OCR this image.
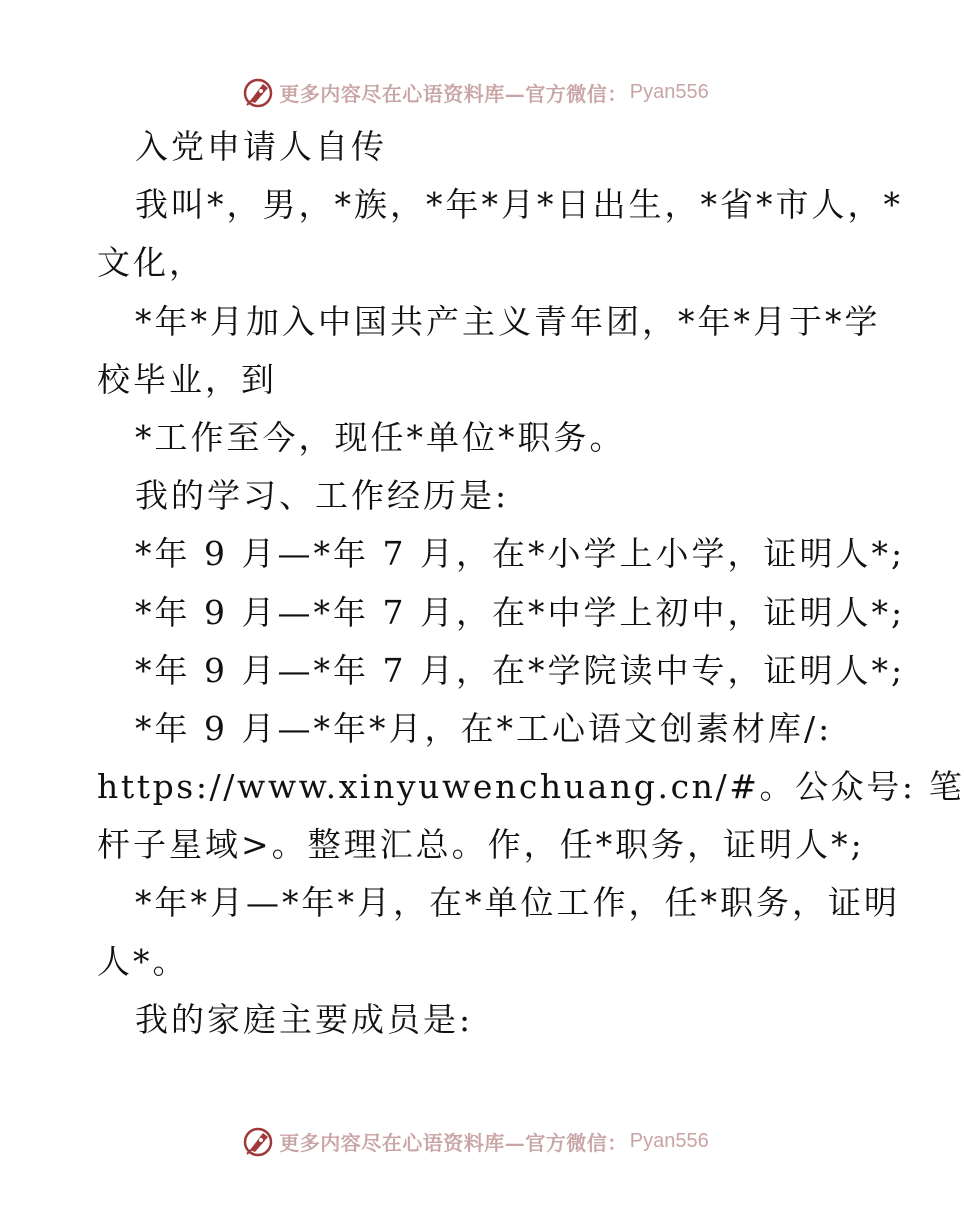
更多内容尽在心语资料库—官方微信： Pyan556
入党申请人自传
我叫*，男，*族，*年*月*日出生，*省*市人，*
文化，
*年*月加入中国共产主义青年团，*年*月于*学
校毕业，到
*工作至今，现任*单位*职务。
我的学习、工作经历是:
*年 9 月—*年 7 月，在*小学上小学，证明人*;
*年 9 月—*年 7 月，在*中学上初中，证明人*;
*年 9 月—*年 7 月，在*学院读中专，证明人*;
*年 9 月—*年*月，在*工心语文创素材库/:
https://www.xinyuwenchuang.cn/#。公众号: 笔
杆子星域>。整理汇总。作，任*职务，证明人*;
*年*月—*年*月，在*单位工作，任*职务，证明
人*。
我的家庭主要成员是:
更多内容尽在心语资料库—官方微信： Pyan556
